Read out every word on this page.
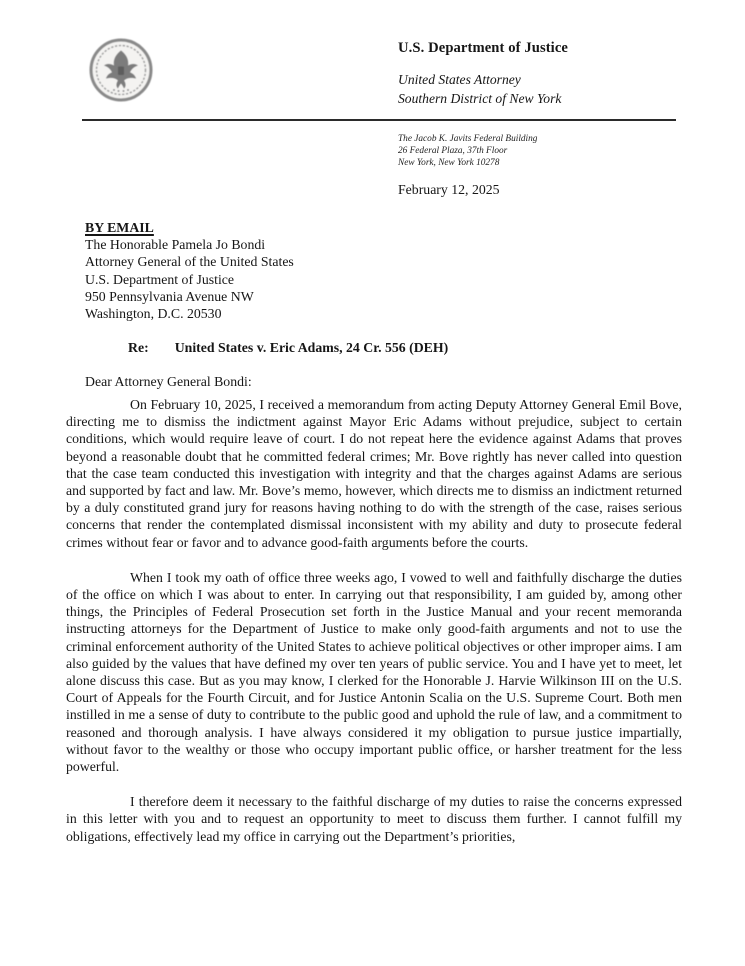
U.S. Department of Justice
United States Attorney
Southern District of New York
The Jacob K. Javits Federal Building
26 Federal Plaza, 37th Floor
New York, New York 10278
February 12, 2025
BY EMAIL
The Honorable Pamela Jo Bondi
Attorney General of the United States
U.S. Department of Justice
950 Pennsylvania Avenue NW
Washington, D.C. 20530
Re: United States v. Eric Adams, 24 Cr. 556 (DEH)
Dear Attorney General Bondi:

On February 10, 2025, I received a memorandum from acting Deputy Attorney General Emil Bove, directing me to dismiss the indictment against Mayor Eric Adams without prejudice, subject to certain conditions, which would require leave of court. I do not repeat here the evidence against Adams that proves beyond a reasonable doubt that he committed federal crimes; Mr. Bove rightly has never called into question that the case team conducted this investigation with integrity and that the charges against Adams are serious and supported by fact and law. Mr. Bove’s memo, however, which directs me to dismiss an indictment returned by a duly constituted grand jury for reasons having nothing to do with the strength of the case, raises serious concerns that render the contemplated dismissal inconsistent with my ability and duty to prosecute federal crimes without fear or favor and to advance good-faith arguments before the courts.

When I took my oath of office three weeks ago, I vowed to well and faithfully discharge the duties of the office on which I was about to enter. In carrying out that responsibility, I am guided by, among other things, the Principles of Federal Prosecution set forth in the Justice Manual and your recent memoranda instructing attorneys for the Department of Justice to make only good-faith arguments and not to use the criminal enforcement authority of the United States to achieve political objectives or other improper aims. I am also guided by the values that have defined my over ten years of public service. You and I have yet to meet, let alone discuss this case. But as you may know, I clerked for the Honorable J. Harvie Wilkinson III on the U.S. Court of Appeals for the Fourth Circuit, and for Justice Antonin Scalia on the U.S. Supreme Court. Both men instilled in me a sense of duty to contribute to the public good and uphold the rule of law, and a commitment to reasoned and thorough analysis. I have always considered it my obligation to pursue justice impartially, without favor to the wealthy or those who occupy important public office, or harsher treatment for the less powerful.

I therefore deem it necessary to the faithful discharge of my duties to raise the concerns expressed in this letter with you and to request an opportunity to meet to discuss them further. I cannot fulfill my obligations, effectively lead my office in carrying out the Department’s priorities,
